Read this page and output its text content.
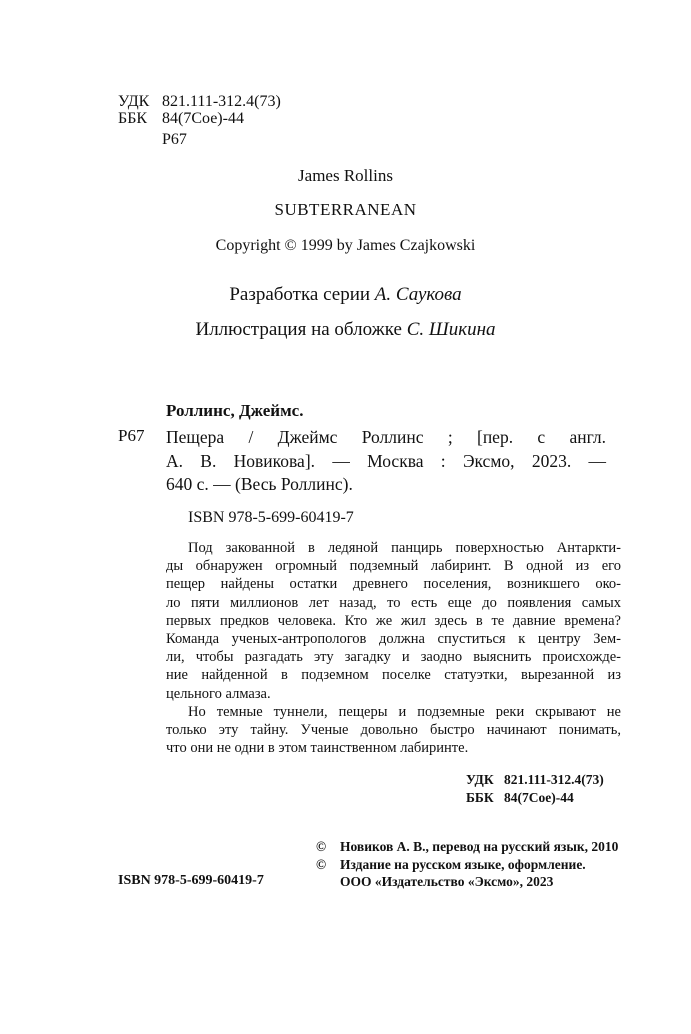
УДК 821.111-312.4(73)
ББК 84(7Сое)-44
Р67
James Rollins
SUBTERRANEAN
Copyright © 1999 by James Czajkowski
Разработка серии А. Саукова
Иллюстрация на обложке С. Шикина
Роллинс, Джеймс.
Р67 Пещера / Джеймс Роллинс ; [пер. с англ.
А. В. Новикова]. — Москва : Эксмо, 2023. —
640 с. — (Весь Роллинс).
ISBN 978-5-699-60419-7
Под закованной в ледяной панцирь поверхностью Антаркти-
ды обнаружен огромный подземный лабиринт. В одной из его
пещер найдены остатки древнего поселения, возникшего око-
ло пяти миллионов лет назад, то есть еще до появления самых
первых предков человека. Кто же жил здесь в те давние времена?
Команда ученых-антропологов должна спуститься к центру Зем-
ли, чтобы разгадать эту загадку и заодно выяснить происхожде-
ние найденной в подземном поселке статуэтки, вырезанной из
цельного алмаза.
Но темные туннели, пещеры и подземные реки скрывают не
только эту тайну. Ученые довольно быстро начинают понимать,
что они не одни в этом таинственном лабиринте.
УДК 821.111-312.4(73)
ББК 84(7Сое)-44
© Новиков А. В., перевод на русский язык, 2010
© Издание на русском языке, оформление.
ООО «Издательство «Эксмо», 2023
ISBN 978-5-699-60419-7
